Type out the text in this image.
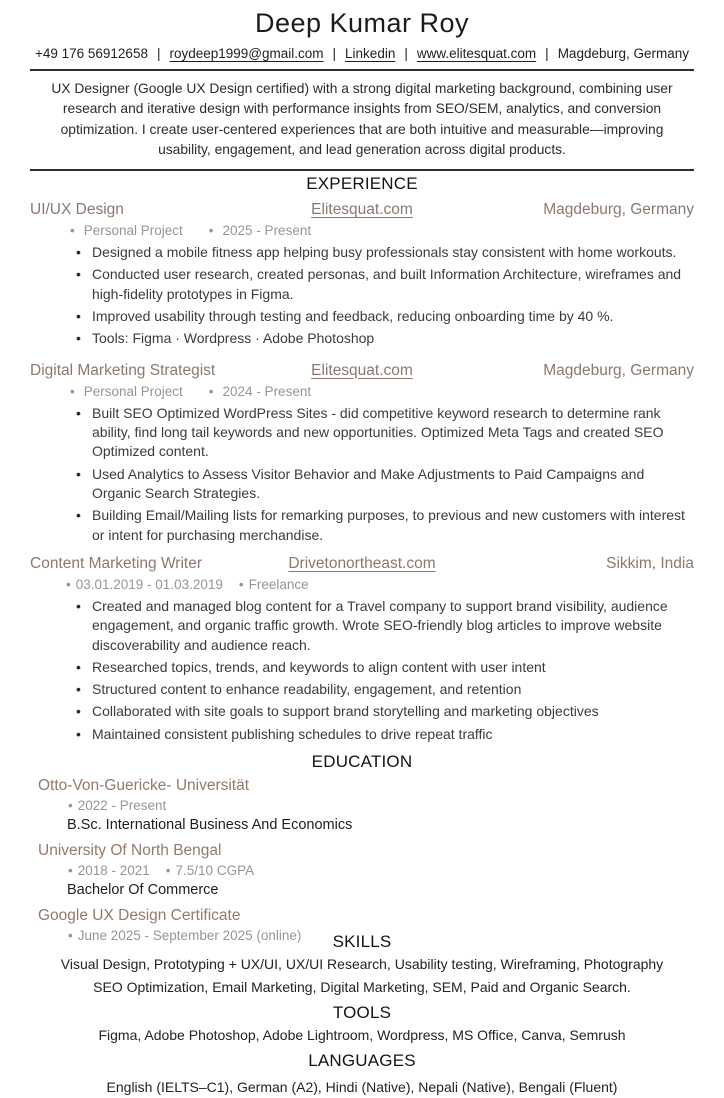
Deep Kumar Roy
+49 176 56912658 | roydeep1999@gmail.com | Linkedin | www.elitesquat.com | Magdeburg, Germany

UX Designer (Google UX Design certified) with a strong digital marketing background, combining user research and iterative design with performance insights from SEO/SEM, analytics, and conversion optimization. I create user-centered experiences that are both intuitive and measurable—improving usability, engagement, and lead generation across digital products.

EXPERIENCE
UI/UX Design	Elitesquat.com	Magdeburg, Germany
• Personal Project	• 2025 - Present
• Designed a mobile fitness app helping busy professionals stay consistent with home workouts.
• Conducted user research, created personas, and built Information Architecture, wireframes and high-fidelity prototypes in Figma.
• Improved usability through testing and feedback, reducing onboarding time by 40 %.
• Tools: Figma · Wordpress · Adobe Photoshop
Digital Marketing Strategist	Elitesquat.com	Magdeburg, Germany
• Personal Project	• 2024 - Present
• Built SEO Optimized WordPress Sites - did competitive keyword research to determine rank ability, find long tail keywords and new opportunities. Optimized Meta Tags and created SEO Optimized content.
• Used Analytics to Assess Visitor Behavior and Make Adjustments to Paid Campaigns and Organic Search Strategies.
• Building Email/Mailing lists for remarking purposes, to previous and new customers with interest or intent for purchasing merchandise.
Content Marketing Writer	Drivetonortheast.com	Sikkim, India
• 03.01.2019 - 01.03.2019	• Freelance
• Created and managed blog content for a Travel company to support brand visibility, audience engagement, and organic traffic growth. Wrote SEO-friendly blog articles to improve website discoverability and audience reach.
• Researched topics, trends, and keywords to align content with user intent
• Structured content to enhance readability, engagement, and retention
• Collaborated with site goals to support brand storytelling and marketing objectives
• Maintained consistent publishing schedules to drive repeat traffic
EDUCATION
Otto-Von-Guericke- Universität
• 2022 - Present
B.Sc. International Business And Economics
University Of North Bengal
• 2018 - 2021	• 7.5/10 CGPA
Bachelor Of Commerce
Google UX Design Certificate
• June 2025 - September 2025 (online)	SKILLS
Visual Design, Prototyping + UX/UI, UX/UI Research, Usability testing, Wireframing, Photography
SEO Optimization, Email Marketing, Digital Marketing, SEM, Paid and Organic Search.
TOOLS
Figma, Adobe Photoshop, Adobe Lightroom, Wordpress, MS Office, Canva, Semrush
LANGUAGES
English (IELTS–C1), German (A2), Hindi (Native), Nepali (Native), Bengali (Fluent)
